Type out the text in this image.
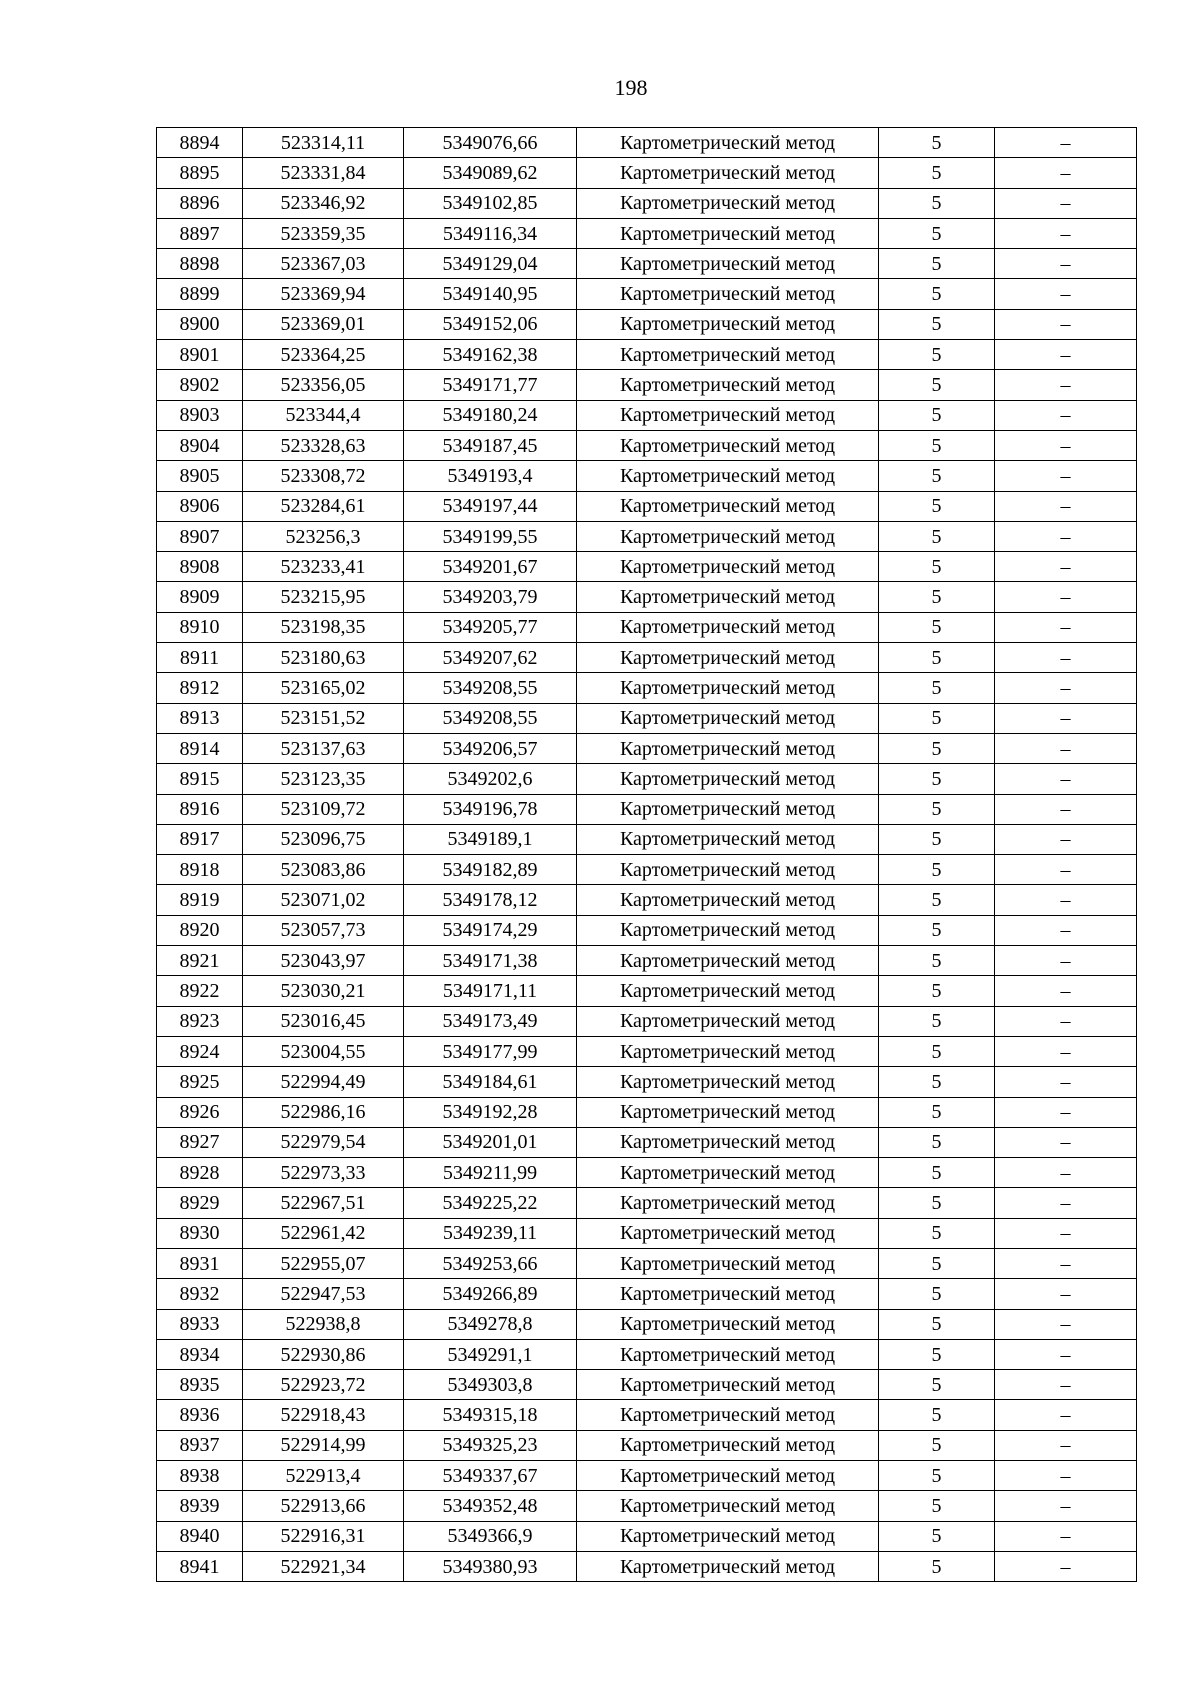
198
8894	523314,11	5349076,66	Картометрический метод	5	–
8895	523331,84	5349089,62	Картометрический метод	5	–
8896	523346,92	5349102,85	Картометрический метод	5	–
8897	523359,35	5349116,34	Картометрический метод	5	–
8898	523367,03	5349129,04	Картометрический метод	5	–
8899	523369,94	5349140,95	Картометрический метод	5	–
8900	523369,01	5349152,06	Картометрический метод	5	–
8901	523364,25	5349162,38	Картометрический метод	5	–
8902	523356,05	5349171,77	Картометрический метод	5	–
8903	523344,4	5349180,24	Картометрический метод	5	–
8904	523328,63	5349187,45	Картометрический метод	5	–
8905	523308,72	5349193,4	Картометрический метод	5	–
8906	523284,61	5349197,44	Картометрический метод	5	–
8907	523256,3	5349199,55	Картометрический метод	5	–
8908	523233,41	5349201,67	Картометрический метод	5	–
8909	523215,95	5349203,79	Картометрический метод	5	–
8910	523198,35	5349205,77	Картометрический метод	5	–
8911	523180,63	5349207,62	Картометрический метод	5	–
8912	523165,02	5349208,55	Картометрический метод	5	–
8913	523151,52	5349208,55	Картометрический метод	5	–
8914	523137,63	5349206,57	Картометрический метод	5	–
8915	523123,35	5349202,6	Картометрический метод	5	–
8916	523109,72	5349196,78	Картометрический метод	5	–
8917	523096,75	5349189,1	Картометрический метод	5	–
8918	523083,86	5349182,89	Картометрический метод	5	–
8919	523071,02	5349178,12	Картометрический метод	5	–
8920	523057,73	5349174,29	Картометрический метод	5	–
8921	523043,97	5349171,38	Картометрический метод	5	–
8922	523030,21	5349171,11	Картометрический метод	5	–
8923	523016,45	5349173,49	Картометрический метод	5	–
8924	523004,55	5349177,99	Картометрический метод	5	–
8925	522994,49	5349184,61	Картометрический метод	5	–
8926	522986,16	5349192,28	Картометрический метод	5	–
8927	522979,54	5349201,01	Картометрический метод	5	–
8928	522973,33	5349211,99	Картометрический метод	5	–
8929	522967,51	5349225,22	Картометрический метод	5	–
8930	522961,42	5349239,11	Картометрический метод	5	–
8931	522955,07	5349253,66	Картометрический метод	5	–
8932	522947,53	5349266,89	Картометрический метод	5	–
8933	522938,8	5349278,8	Картометрический метод	5	–
8934	522930,86	5349291,1	Картометрический метод	5	–
8935	522923,72	5349303,8	Картометрический метод	5	–
8936	522918,43	5349315,18	Картометрический метод	5	–
8937	522914,99	5349325,23	Картометрический метод	5	–
8938	522913,4	5349337,67	Картометрический метод	5	–
8939	522913,66	5349352,48	Картометрический метод	5	–
8940	522916,31	5349366,9	Картометрический метод	5	–
8941	522921,34	5349380,93	Картометрический метод	5	–
